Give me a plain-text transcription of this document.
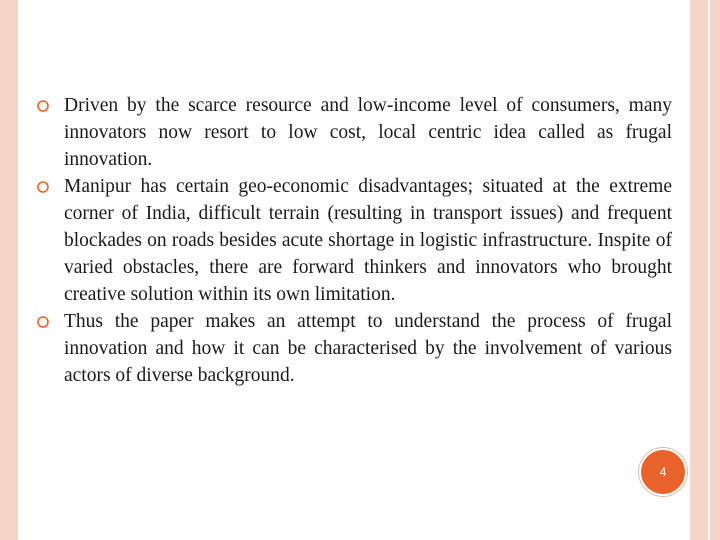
Driven by the scarce resource and low-income level of consumers, many innovators now resort to low cost, local centric idea called as frugal innovation.

Manipur has certain geo-economic disadvantages; situated at the extreme corner of India, difficult terrain (resulting in transport issues) and frequent blockades on roads besides acute shortage in logistic infrastructure. Inspite of varied obstacles, there are forward thinkers and innovators who brought creative solution within its own limitation.

Thus the paper makes an attempt to understand the process of frugal innovation and how it can be characterised by the involvement of various actors of diverse background.

4
